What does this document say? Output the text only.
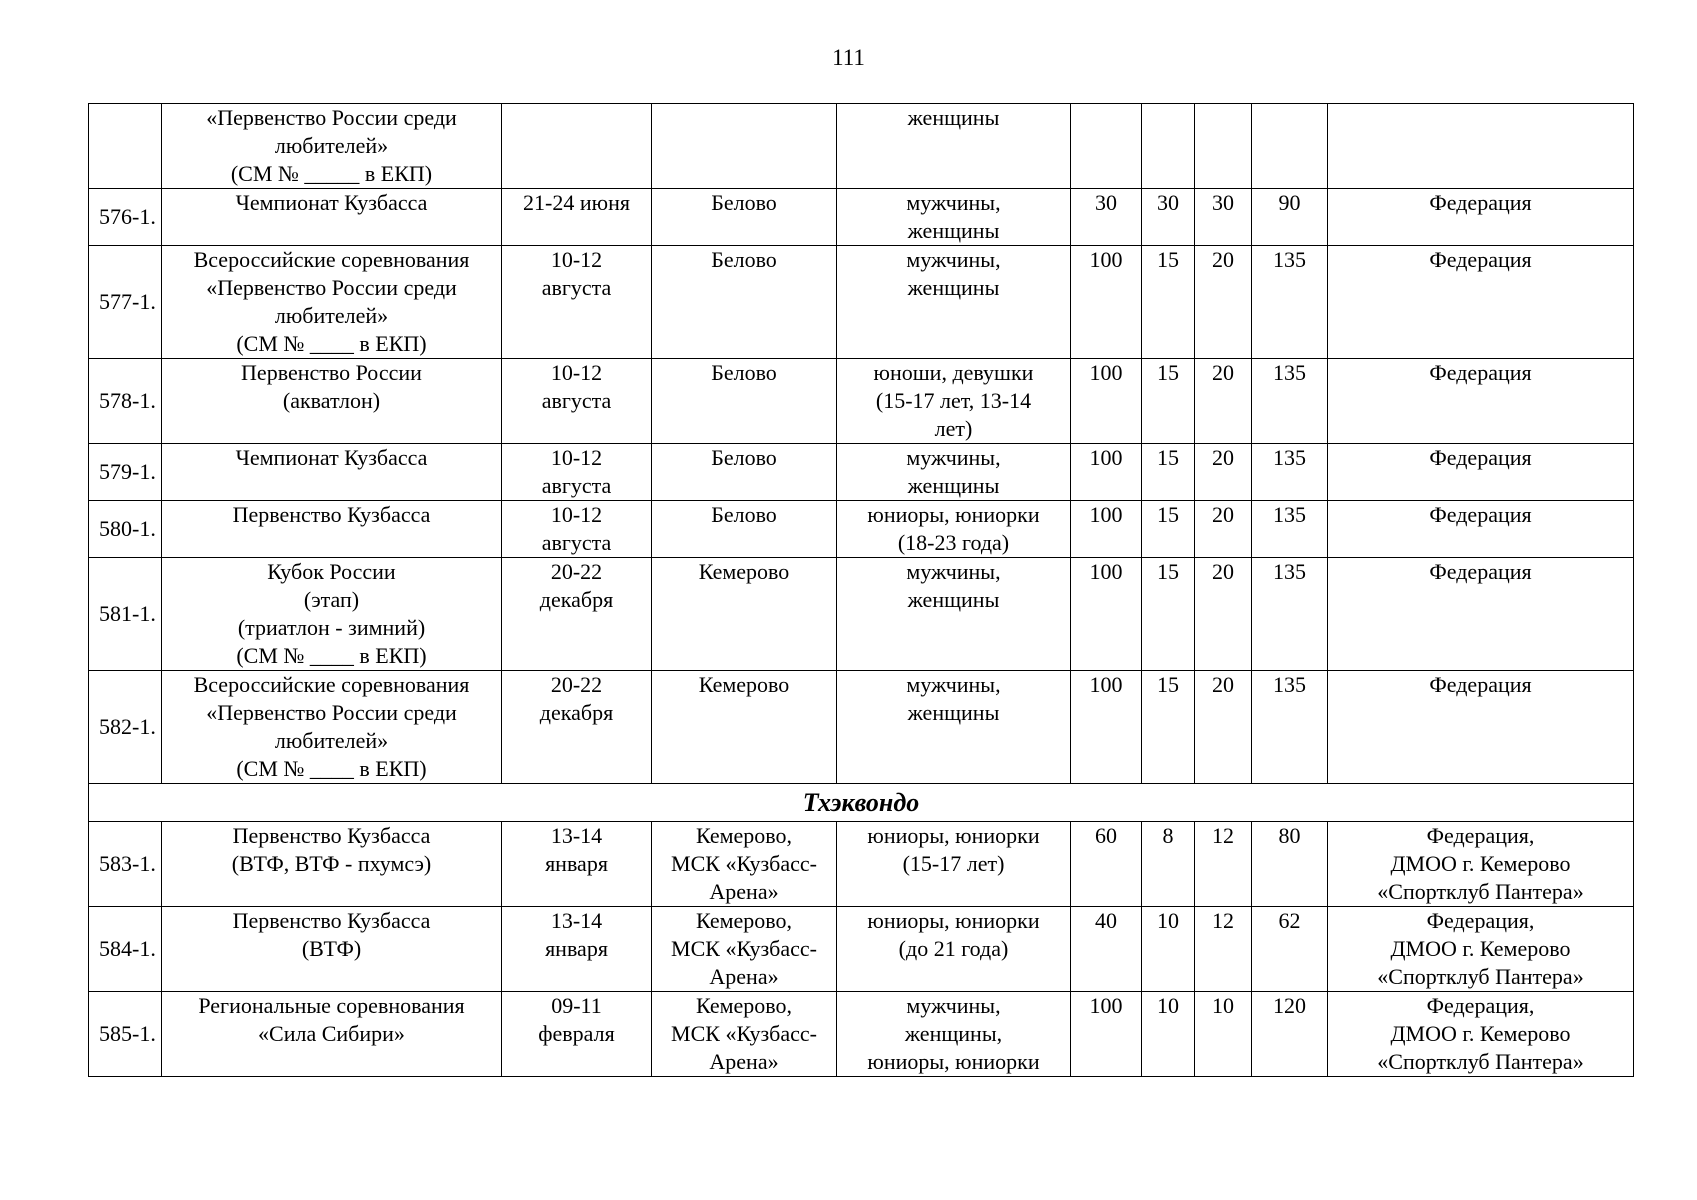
111
	«Первенство России среди
любителей»
(СМ № _____ в ЕКП)			женщины					
576-1.	Чемпионат Кузбасса	21-24 июня	Белово	мужчины,
женщины	30	30	30	90	Федерация
577-1.	Всероссийские соревнования
«Первенство России среди
любителей»
(СМ № ____ в ЕКП)	10-12
августа	Белово	мужчины,
женщины	100	15	20	135	Федерация
578-1.	Первенство России
(акватлон)	10-12
августа	Белово	юноши, девушки
(15-17 лет, 13-14
лет)	100	15	20	135	Федерация
579-1.	Чемпионат Кузбасса	10-12
августа	Белово	мужчины,
женщины	100	15	20	135	Федерация
580-1.	Первенство Кузбасса	10-12
августа	Белово	юниоры, юниорки
(18-23 года)	100	15	20	135	Федерация
581-1.	Кубок России
(этап)
(триатлон - зимний)
(СМ № ____ в ЕКП)	20-22
декабря	Кемерово	мужчины,
женщины	100	15	20	135	Федерация
582-1.	Всероссийские соревнования
«Первенство России среди
любителей»
(СМ № ____ в ЕКП)	20-22
декабря	Кемерово	мужчины,
женщины	100	15	20	135	Федерация
Тхэквондо									
583-1.	Первенство Кузбасса
(ВТФ, ВТФ - пхумсэ)	13-14
января	Кемерово,
МСК «Кузбасс-
Арена»	юниоры, юниорки
(15-17 лет)	60	8	12	80	Федерация,
ДМОО г. Кемерово
«Спортклуб Пантера»
584-1.	Первенство Кузбасса
(ВТФ)	13-14
января	Кемерово,
МСК «Кузбасс-
Арена»	юниоры, юниорки
(до 21 года)	40	10	12	62	Федерация,
ДМОО г. Кемерово
«Спортклуб Пантера»
585-1.	Региональные соревнования
«Сила Сибири»	09-11
февраля	Кемерово,
МСК «Кузбасс-
Арена»	мужчины,
женщины,
юниоры, юниорки	100	10	10	120	Федерация,
ДМОО г. Кемерово
«Спортклуб Пантера»
